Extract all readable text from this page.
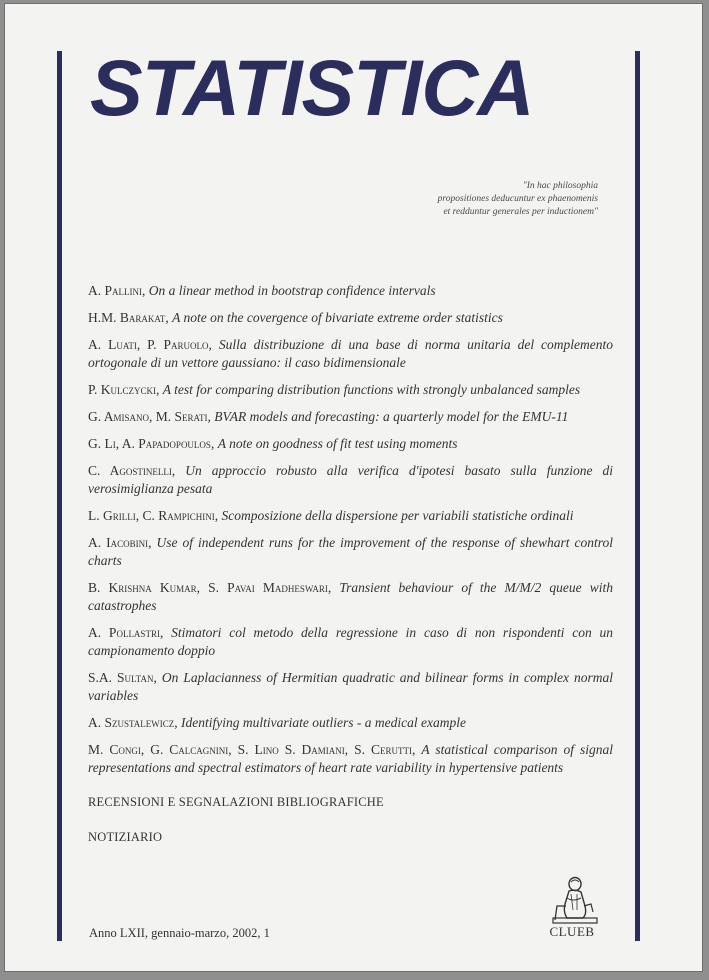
STATISTICA
"In hac philosophia
propositiones deducuntur ex phaenomenis
et redduntur generales per inductionem"

A. Pallini, On a linear method in bootstrap confidence intervals

H.M. Barakat, A note on the covergence of bivariate extreme order statistics

A. Luati, P. Paruolo, Sulla distribuzione di una base di norma unitaria del complemento ortogonale di un vettore gaussiano: il caso bidimensionale

P. Kulczycki, A test for comparing distribution functions with strongly unbalanced samples

G. Amisano, M. Serati, BVAR models and forecasting: a quarterly model for the EMU-11

G. Li, A. Papadopoulos, A note on goodness of fit test using moments

C. Agostinelli, Un approccio robusto alla verifica d'ipotesi basato sulla funzione di verosimiglianza pesata

L. Grilli, C. Rampichini, Scomposizione della dispersione per variabili statistiche ordinali

A. Iacobini, Use of independent runs for the improvement of the response of shewhart control charts

B. Krishna Kumar, S. Pavai Madheswari, Transient behaviour of the M/M/2 queue with catastrophes

A. Pollastri, Stimatori col metodo della regressione in caso di non rispondenti con un campionamento doppio

S.A. Sultan, On Laplacianness of Hermitian quadratic and bilinear forms in complex normal variables

A. Szustalewicz, Identifying multivariate outliers - a medical example

M. Congi, G. Calcagnini, S. Lino S. Damiani, S. Cerutti, A statistical comparison of signal representations and spectral estimators of heart rate variability in hypertensive patients

RECENSIONI E SEGNALAZIONI BIBLIOGRAFICHE

NOTIZIARIO

Anno LXII, gennaio-marzo, 2002, 1	CLUEB
